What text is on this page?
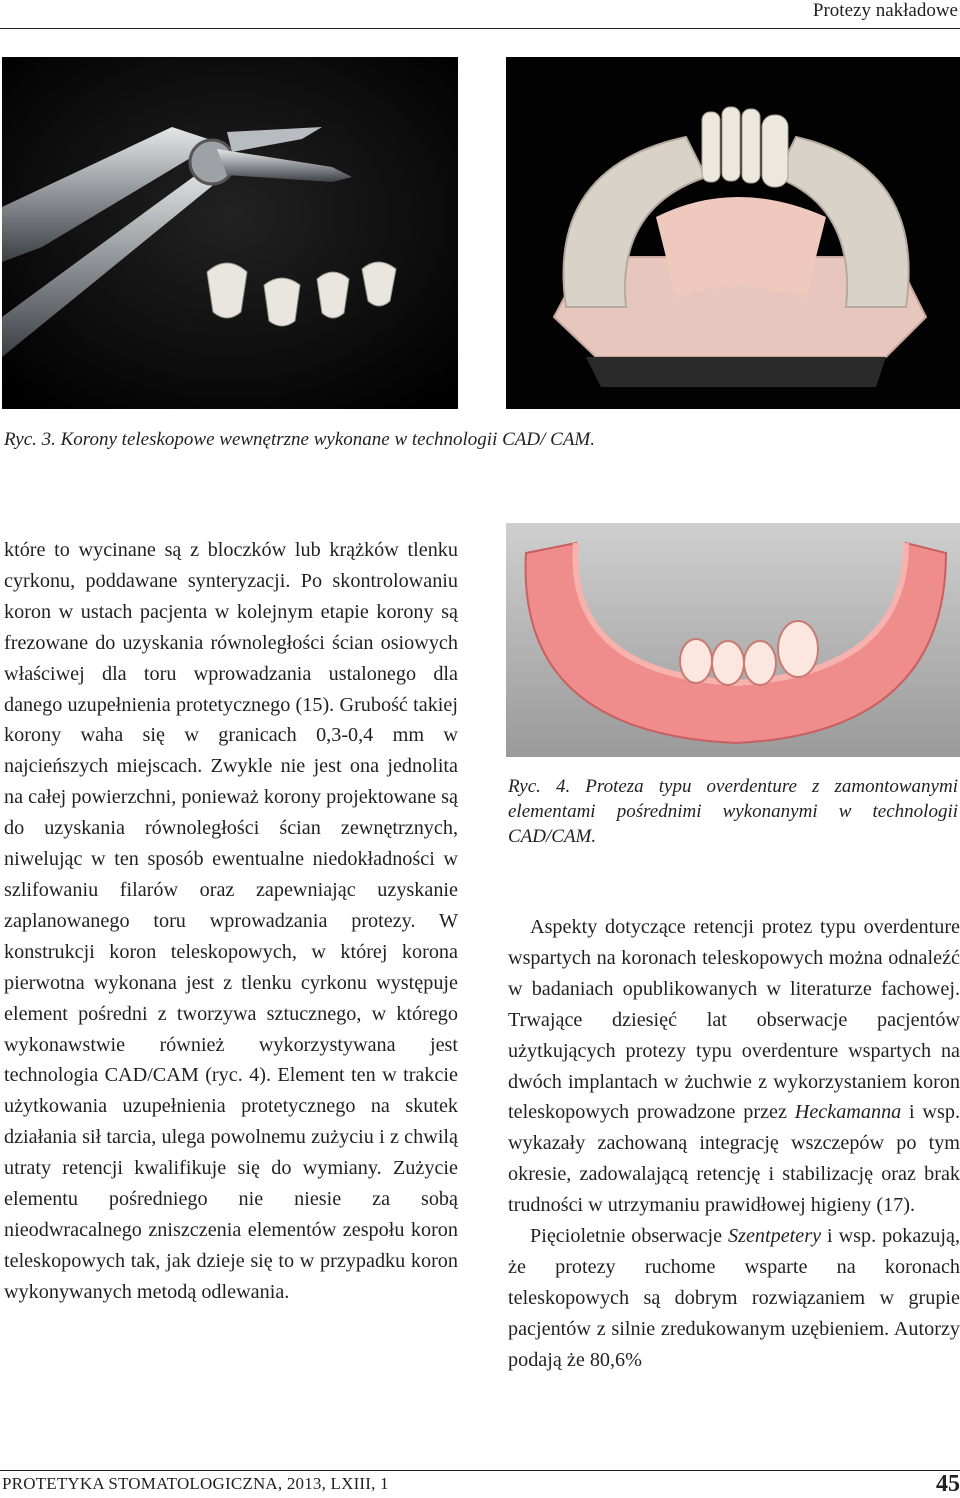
Protezy nakładowe
Ryc. 3. Korony teleskopowe wewnętrzne wykonane w technologii CAD/ CAM.
Ryc. 4. Proteza typu overdenture z zamontowanymi elementami pośrednimi wykonanymi w technologii CAD/CAM.

które to wycinane są z bloczków lub krążków tlenku cyrkonu, poddawane synteryzacji. Po skontrolowaniu koron w ustach pacjenta w kolejnym etapie korony są frezowane do uzyskania równoległości ścian osiowych właściwej dla toru wprowadzania ustalonego dla danego uzupełnienia protetycznego (15). Grubość takiej korony waha się w granicach 0,3-0,4 mm w najcieńszych miejscach. Zwykle nie jest ona jednolita na całej powierzchni, ponieważ korony projektowane są do uzyskania równoległości ścian zewnętrznych, niwelując w ten sposób ewentualne niedokładności w szlifowaniu filarów oraz zapewniając uzyskanie zaplanowanego toru wprowadzania protezy. W konstrukcji koron teleskopowych, w której korona pierwotna wykonana jest z tlenku cyrkonu występuje element pośredni z tworzywa sztucznego, w którego wykonawstwie również wykorzystywana jest technologia CAD/CAM (ryc. 4). Element ten w trakcie użytkowania uzupełnienia protetycznego na skutek działania sił tarcia, ulega powolnemu zużyciu i z chwilą utraty retencji kwalifikuje się do wymiany. Zużycie elementu pośredniego nie niesie za sobą nieodwracalnego zniszczenia elementów zespołu koron teleskopowych tak, jak dzieje się to w przypadku koron wykonywanych metodą odlewania.

Aspekty dotyczące retencji protez typu overdenture wspartych na koronach teleskopowych można odnaleźć w badaniach opublikowanych w literaturze fachowej. Trwające dziesięć lat obserwacje pacjentów użytkujących protezy typu overdenture wspartych na dwóch implantach w żuchwie z wykorzystaniem koron teleskopowych prowadzone przez Heckamanna i wsp. wykazały zachowaną integrację wszczepów po tym okresie, zadowalającą retencję i stabilizację oraz brak trudności w utrzymaniu prawidłowej higieny (17).

Pięcioletnie obserwacje Szentpetery i wsp. pokazują, że protezy ruchome wsparte na koronach teleskopowych są dobrym rozwiązaniem w grupie pacjentów z silnie zredukowanym uzębieniem. Autorzy podają że 80,6%

PROTETYKA STOMATOLOGICZNA, 2013, LXIII, 1	45
